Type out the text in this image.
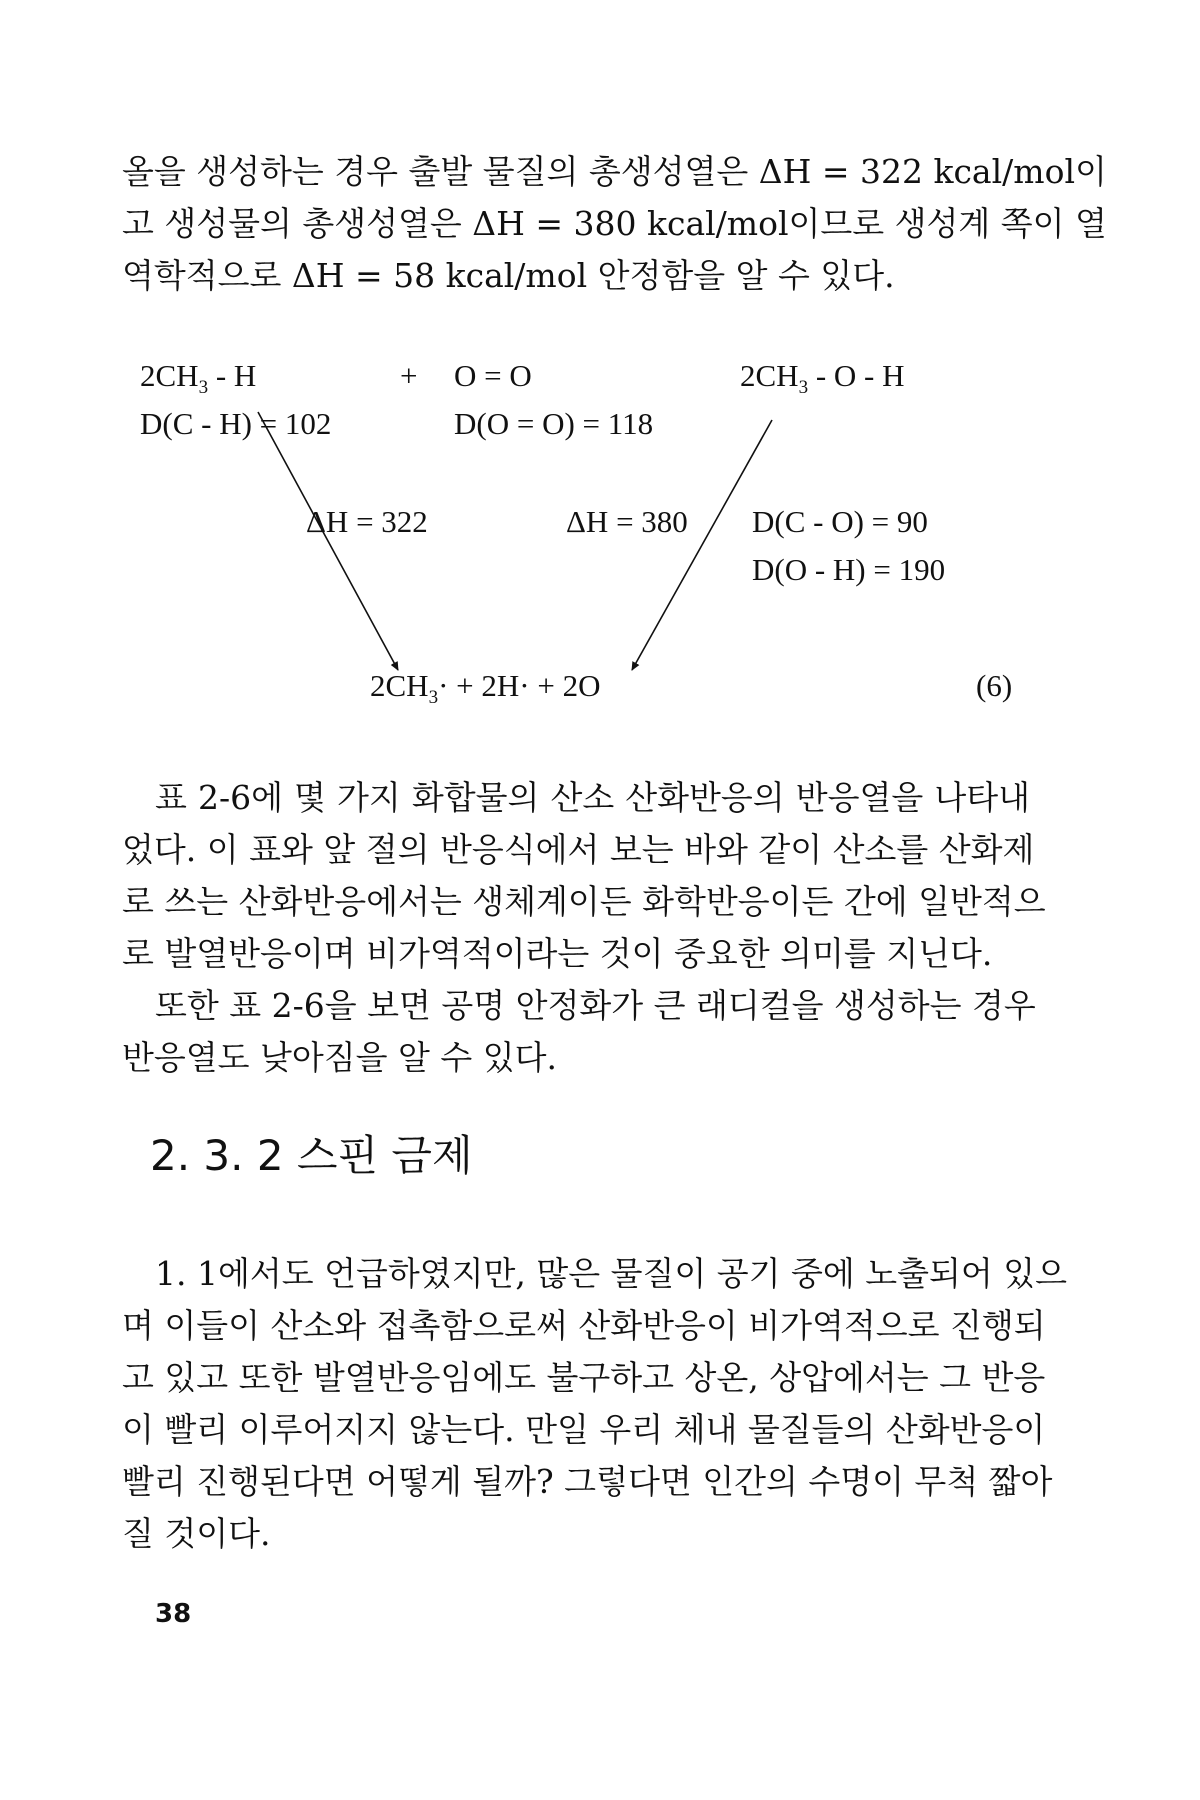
올을 생성하는 경우 출발 물질의 총생성열은 ΔH = 322 kcal/mol이
고 생성물의 총생성열은 ΔH = 380 kcal/mol이므로 생성계 쪽이 열
역학적으로 ΔH = 58 kcal/mol 안정함을 알 수 있다.
$2CH_3$ - H	+ O = O	$2CH_3$ - O - H
D(C - H) = 102	D(O = O) = 118
ΔH = 322	ΔH = 380 D(C - O) = 90
D(O - H) = 190
$2CH_3\cdot + 2H\cdot + 2O$	(6)
표 2-6에 몇 가지 화합물의 산소 산화반응의 반응열을 나타내
었다. 이 표와 앞 절의 반응식에서 보는 바와 같이 산소를 산화제
로 쓰는 산화반응에서는 생체계이든 화학반응이든 간에 일반적으
로 발열반응이며 비가역적이라는 것이 중요한 의미를 지닌다.
또한 표 2-6을 보면 공명 안정화가 큰 래디컬을 생성하는 경우
반응열도 낮아짐을 알 수 있다.
2. 3. 2 스핀 금제
1. 1에서도 언급하였지만, 많은 물질이 공기 중에 노출되어 있으
며 이들이 산소와 접촉함으로써 산화반응이 비가역적으로 진행되
고 있고 또한 발열반응임에도 불구하고 상온, 상압에서는 그 반응
이 빨리 이루어지지 않는다. 만일 우리 체내 물질들의 산화반응이
빨리 진행된다면 어떻게 될까? 그렇다면 인간의 수명이 무척 짧아
질 것이다.
38
